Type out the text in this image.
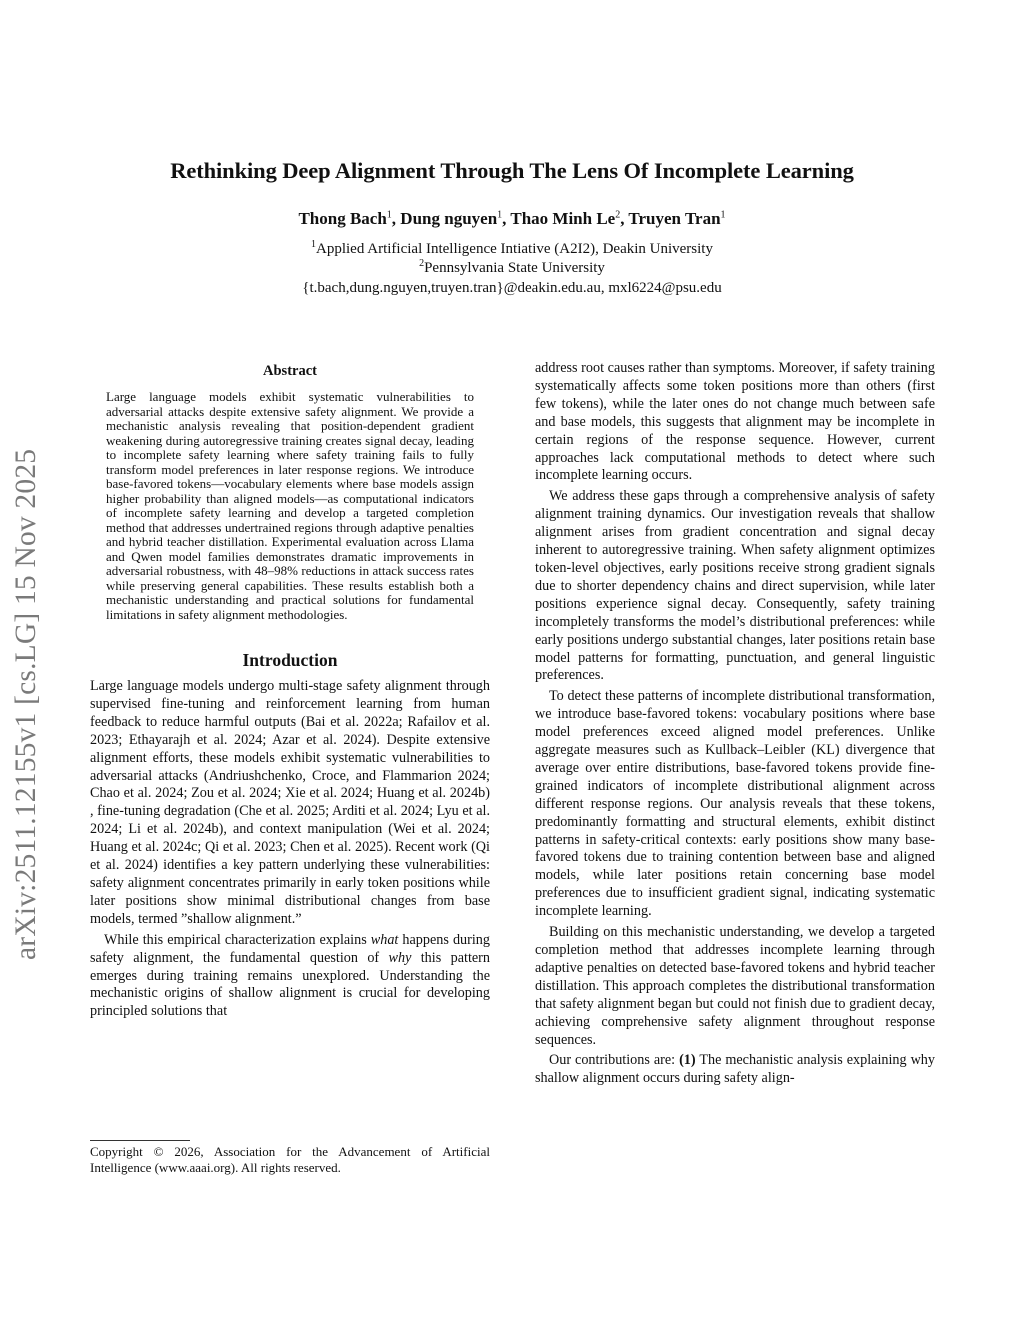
Rethinking Deep Alignment Through The Lens Of Incomplete Learning
Thong Bach$^1$, Dung nguyen$^1$, Thao Minh Le$^2$, Truyen Tran$^1$
$^1$Applied Artificial Intelligence Intiative (A2I2), Deakin University
$^2$Pennsylvania State University
{t.bach,dung.nguyen,truyen.tran}@deakin.edu.au, mxl6224@psu.edu
arXiv:2511.12155v1 [cs.LG] 15 Nov 2025
Abstract

Large language models exhibit systematic vulnerabilities to adversarial attacks despite extensive safety alignment. We provide a mechanistic analysis revealing that position-dependent gradient weakening during autoregressive training creates signal decay, leading to incomplete safety learning where safety training fails to fully transform model preferences in later response regions. We introduce base-favored tokens—vocabulary elements where base models assign higher probability than aligned models—as computational indicators of incomplete safety learning and develop a targeted completion method that addresses undertrained regions through adaptive penalties and hybrid teacher distillation. Experimental evaluation across Llama and Qwen model families demonstrates dramatic improvements in adversarial robustness, with 48–98% reductions in attack success rates while preserving general capabilities. These results establish both a mechanistic understanding and practical solutions for fundamental limitations in safety alignment methodologies.

Introduction

Large language models undergo multi-stage safety alignment through supervised fine-tuning and reinforcement learning from human feedback to reduce harmful outputs (Bai et al. 2022a; Rafailov et al. 2023; Ethayarajh et al. 2024; Azar et al. 2024). Despite extensive alignment efforts, these models exhibit systematic vulnerabilities to adversarial attacks (Andriushchenko, Croce, and Flammarion 2024; Chao et al. 2024; Zou et al. 2024; Xie et al. 2024; Huang et al. 2024b) , fine-tuning degradation (Che et al. 2025; Arditi et al. 2024; Lyu et al. 2024; Li et al. 2024b), and context manipulation (Wei et al. 2024; Huang et al. 2024c; Qi et al. 2023; Chen et al. 2025). Recent work (Qi et al. 2024) identifies a key pattern underlying these vulnerabilities: safety alignment concentrates primarily in early token positions while later positions show minimal distributional changes from base models, termed ”shallow alignment.”

While this empirical characterization explains what happens during safety alignment, the fundamental question of why this pattern emerges during training remains unexplored. Understanding the mechanistic origins of shallow alignment is crucial for developing principled solutions that

Copyright © 2026, Association for the Advancement of Artificial Intelligence (www.aaai.org). All rights reserved.

address root causes rather than symptoms. Moreover, if safety training systematically affects some token positions more than others (first few tokens), while the later ones do not change much between safe and base models, this suggests that alignment may be incomplete in certain regions of the response sequence. However, current approaches lack computational methods to detect where such incomplete learning occurs.

We address these gaps through a comprehensive analysis of safety alignment training dynamics. Our investigation reveals that shallow alignment arises from gradient concentration and signal decay inherent to autoregressive training. When safety alignment optimizes token-level objectives, early positions receive strong gradient signals due to shorter dependency chains and direct supervision, while later positions experience signal decay. Consequently, safety training incompletely transforms the model’s distributional preferences: while early positions undergo substantial changes, later positions retain base model patterns for formatting, punctuation, and general linguistic preferences.

To detect these patterns of incomplete distributional transformation, we introduce base-favored tokens: vocabulary positions where base model preferences exceed aligned model preferences. Unlike aggregate measures such as Kullback–Leibler (KL) divergence that average over entire distributions, base-favored tokens provide fine-grained indicators of incomplete distributional alignment across different response regions. Our analysis reveals that these tokens, predominantly formatting and structural elements, exhibit distinct patterns in safety-critical contexts: early positions show many base-favored tokens due to training contention between base and aligned models, while later positions retain concerning base model preferences due to insufficient gradient signal, indicating systematic incomplete learning.

Building on this mechanistic understanding, we develop a targeted completion method that addresses incomplete learning through adaptive penalties on detected base-favored tokens and hybrid teacher distillation. This approach completes the distributional transformation that safety alignment began but could not finish due to gradient decay, achieving comprehensive safety alignment throughout response sequences.

Our contributions are: (1) The mechanistic analysis explaining why shallow alignment occurs during safety align-
